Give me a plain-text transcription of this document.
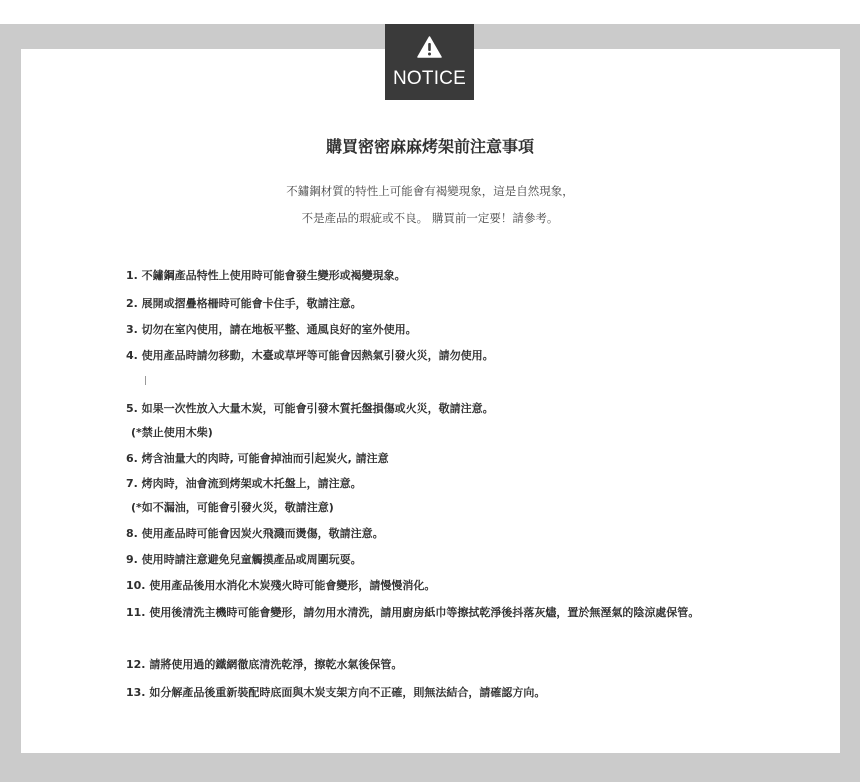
NOTICE
購買密密麻麻烤架前注意事項
不鏽鋼材質的特性上可能會有褐變現象，這是自然現象，
不是產品的瑕疵或不良。 購買前一定要！請參考。
1. 不鏽鋼產品特性上使用時可能會發生變形或褐變現象。
2. 展開或摺疊格柵時可能會卡住手，敬請注意。
3. 切勿在室內使用，請在地板平整、通風良好的室外使用。
4. 使用產品時請勿移動，木臺或草坪等可能會因熱氣引發火災，請勿使用。
5. 如果一次性放入大量木炭，可能會引發木質托盤損傷或火災，敬請注意。
(*禁止使用木柴)
6. 烤含油量大的肉時, 可能會掉油而引起炭火, 請注意
7. 烤肉時，油會流到烤架或木托盤上，請注意。
(*如不漏油，可能會引發火災，敬請注意)
8. 使用產品時可能會因炭火飛濺而燙傷，敬請注意。
9. 使用時請注意避免兒童觸摸產品或周圍玩耍。
10. 使用產品後用水消化木炭殘火時可能會變形，請慢慢消化。
11. 使用後清洗主機時可能會變形，請勿用水清洗，請用廚房紙巾等擦拭乾淨後抖落灰燼，置於無溼氣的陰涼處保管。
12. 請將使用過的鐵網徹底清洗乾淨，擦乾水氣後保管。
13. 如分解產品後重新裝配時底面與木炭支架方向不正確，則無法結合，請確認方向。
